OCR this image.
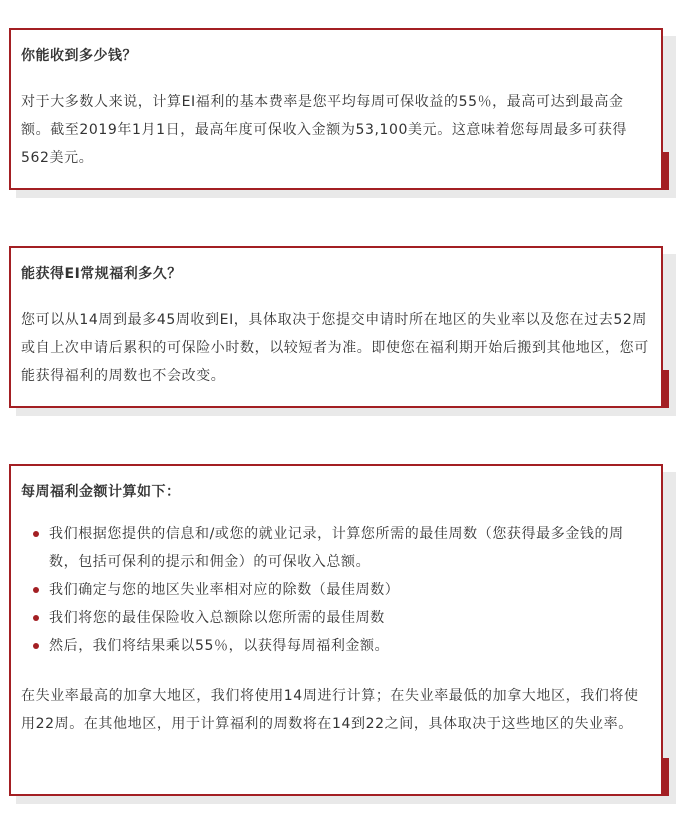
你能收到多少钱？

对于大多数人来说，计算EI福利的基本费率是您平均每周可保收益的55％，最高可达到最高金额。截至2019年1月1日，最高年度可保收入金额为53,100美元。这意味着您每周最多可获得562美元。

能获得EI常规福利多久？

您可以从14周到最多45周收到EI，具体取决于您提交申请时所在地区的失业率以及您在过去52周或自上次申请后累积的可保险小时数，以较短者为准。即使您在福利期开始后搬到其他地区，您可能获得福利的周数也不会改变。

每周福利金额计算如下：
我们根据您提供的信息和/或您的就业记录，计算您所需的最佳周数（您获得最多金钱的周数，包括可保利的提示和佣金）的可保收入总额。
我们确定与您的地区失业率相对应的除数（最佳周数）
我们将您的最佳保险收入总额除以您所需的最佳周数
然后，我们将结果乘以55％，以获得每周福利金额。

在失业率最高的加拿大地区，我们将使用14周进行计算；在失业率最低的加拿大地区，我们将使用22周。在其他地区，用于计算福利的周数将在14到22之间，具体取决于这些地区的失业率。
